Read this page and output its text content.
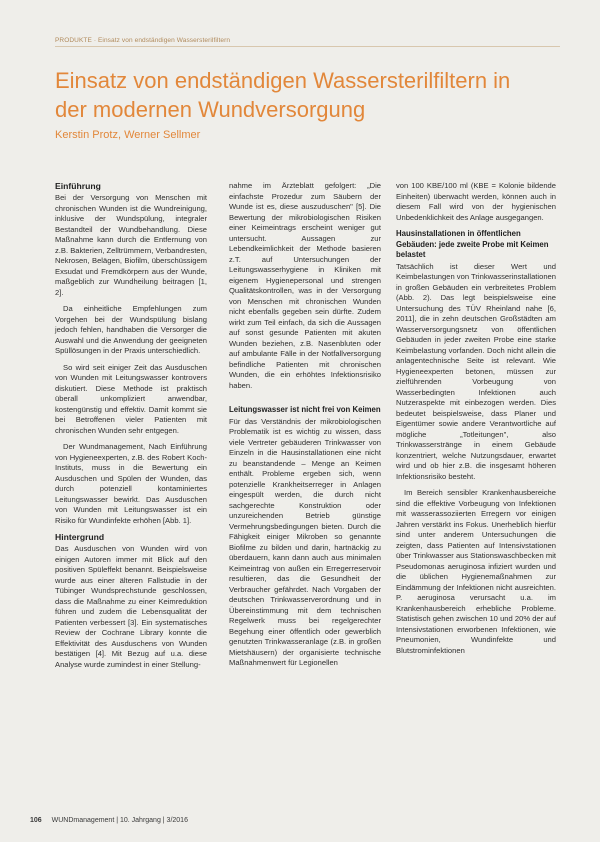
PRODUKTE · Einsatz von endständigen Wassersterilfiltern
Einsatz von endständigen Wassersterilfiltern in der modernen Wundversorgung
Kerstin Protz, Werner Sellmer
Einführung

Bei der Versorgung von Menschen mit chronischen Wunden ist die Wundreinigung, inklusive der Wundspülung, integraler Bestandteil der Wundbehandlung. Diese Maßnahme kann durch die Entfernung von z.B. Bakterien, Zelltrümmern, Verbandresten, Nekrosen, Belägen, Biofilm, überschüssigem Exsudat und Fremdkörpern aus der Wunde, maßgeblich zur Wundheilung beitragen [1, 2].

Da einheitliche Empfehlungen zum Vorgehen bei der Wundspülung bislang jedoch fehlen, handhaben die Versorger die Auswahl und die Anwendung der geeigneten Spüllösungen in der Praxis unterschiedlich.

So wird seit einiger Zeit das Ausduschen von Wunden mit Leitungswasser kontrovers diskutiert. Diese Methode ist praktisch überall unkompliziert anwendbar, kostengünstig und effektiv. Damit kommt sie bei Betroffenen vieler Patienten mit chronischen Wunden sehr entgegen.

Der Wundmanagement, Nach Einführung von Hygieneexperten, z.B. des Robert Koch-Instituts, muss in die Bewertung ein Ausduschen und Spülen der Wunden, das durch potenziell kontaminiertes Leitungswasser bewirkt. Das Ausduschen von Wunden mit Leitungswasser ist ein Risiko für Wundinfekte erhöhen [Abb. 1].

Hintergrund

Das Ausduschen von Wunden wird von einigen Autoren immer mit Blick auf den positiven Spüleffekt benannt. Beispielsweise wurde aus einer älteren Fallstudie in der Tübinger Wundsprechstunde geschlossen, dass die Maßnahme zu einer Keimreduktion führen und zudem die Lebensqualität der Patienten verbessert [3]. Ein systematisches Review der Cochrane Library konnte die Effektivität des Ausduschens von Wunden bestätigen [4]. Mit Bezug auf u.a. diese Analyse wurde zumindest in einer Stellung-

nahme im Ärzteblatt gefolgert: „Die einfachste Prozedur zum Säubern der Wunde ist es, diese auszuduschen" [5]. Die Bewertung der mikrobiologischen Risiken einer Keimeintrags erscheint weniger gut untersucht. Aussagen zur Lebendkeimlichkeit der Methode basieren z.T. auf Untersuchungen der Leitungswasserhygiene in Kliniken mit eigenem Hygienepersonal und strengen Qualitätskontrollen, was in der Versorgung von Menschen mit chronischen Wunden nicht ebenfalls gegeben sein dürfte. Zudem wirkt zum Teil einfach, da sich die Aussagen auf sonst gesunde Patienten mit akuten Wunden beziehen, z.B. Nasenbluten oder auf ambulante Fälle in der Notfallversorgung befindliche Patienten mit chronischen Wunden, die ein erhöhtes Infektionsrisiko haben.

Leitungswasser ist nicht frei von Keimen

Für das Verständnis der mikrobiologischen Problematik ist es wichtig zu wissen, dass viele Vertreter gebäuderen Trinkwasser von Einzeln in die Hausinstallationen eine nicht zu beanstandende – Menge an Keimen enthält. Probleme ergeben sich, wenn potenzielle Krankheitserreger in Anlagen eingespült werden, die durch nicht sachgerechte Konstruktion oder unzureichenden Betrieb günstige Vermehrungsbedingungen bieten. Durch die Fähigkeit einiger Mikroben so genannte Biofilme zu bilden und darin, hartnäckig zu überdauern, kann dann auch aus minimalen Keimeintrag von außen ein Erregerreservoir resultieren, das die Gesundheit der Verbraucher gefährdet. Nach Vorgaben der deutschen Trinkwasserverordnung und in Übereinstimmung mit dem technischen Regelwerk muss bei regelgerechter Begehung einer öffentlich oder gewerblich genutzten Trinkwasseranlage (z.B. in großen Mietshäusern) der organisierte technische Maßnahmenwert für Legionellen

von 100 KBE/100 ml (KBE = Kolonie bildende Einheiten) überwacht werden, können auch in diesem Fall wird von der hygienischen Unbedenklichkeit des Anlage ausgegangen.

Hausinstallationen in öffentlichen Gebäuden: jede zweite Probe mit Keimen belastet

Tatsächlich ist dieser Wert und Keimbelastungen von Trinkwasserinstallationen in großen Gebäuden ein verbreitetes Problem (Abb. 2). Das legt beispielsweise eine Untersuchung des TÜV Rheinland nahe [6, 2011], die in zehn deutschen Großstädten am Wasserversorgungsnetz von öffentlichen Gebäuden in jeder zweiten Probe eine starke Keimbelastung vorfanden. Doch nicht allein die anlagentechnische Seite ist relevant. Wie Hygieneexperten betonen, müssen zur zielführenden Vorbeugung von Wasserbedingten Infektionen auch Nutzeraspekte mit einbezogen werden. Dies bedeutet beispielsweise, dass Planer und Eigentümer sowie andere Verantwortliche auf mögliche „Totleitungen", also Trinkwasserstränge in einem Gebäude konzentriert, welche Nutzungsdauer, erwartet wird und ob hier z.B. die insgesamt höheren Infektionsrisiko besteht.

Im Bereich sensibler Krankenhausbereiche sind die effektive Vorbeugung von Infektionen mit wasserassoziierten Erregern vor einigen Jahren verstärkt ins Fokus. Unerheblich hierfür sind unter anderem Untersuchungen die zeigten, dass Patienten auf Intensivstationen über Trinkwasser aus Stationswaschbecken mit Pseudomonas aeruginosa infiziert wurden und die üblichen Hygienemaßnahmen zur Eindämmung der Infektionen nicht ausreichten. P. aeruginosa verursacht u.a. im Krankenhausbereich erhebliche Probleme. Statistisch gehen zwischen 10 und 20% der auf Intensivstationen erworbenen Infektionen, wie Pneumonien, Wundinfekte und Blutstrominfektionen

106 WUNDmanagement | 10. Jahrgang | 3/2016
